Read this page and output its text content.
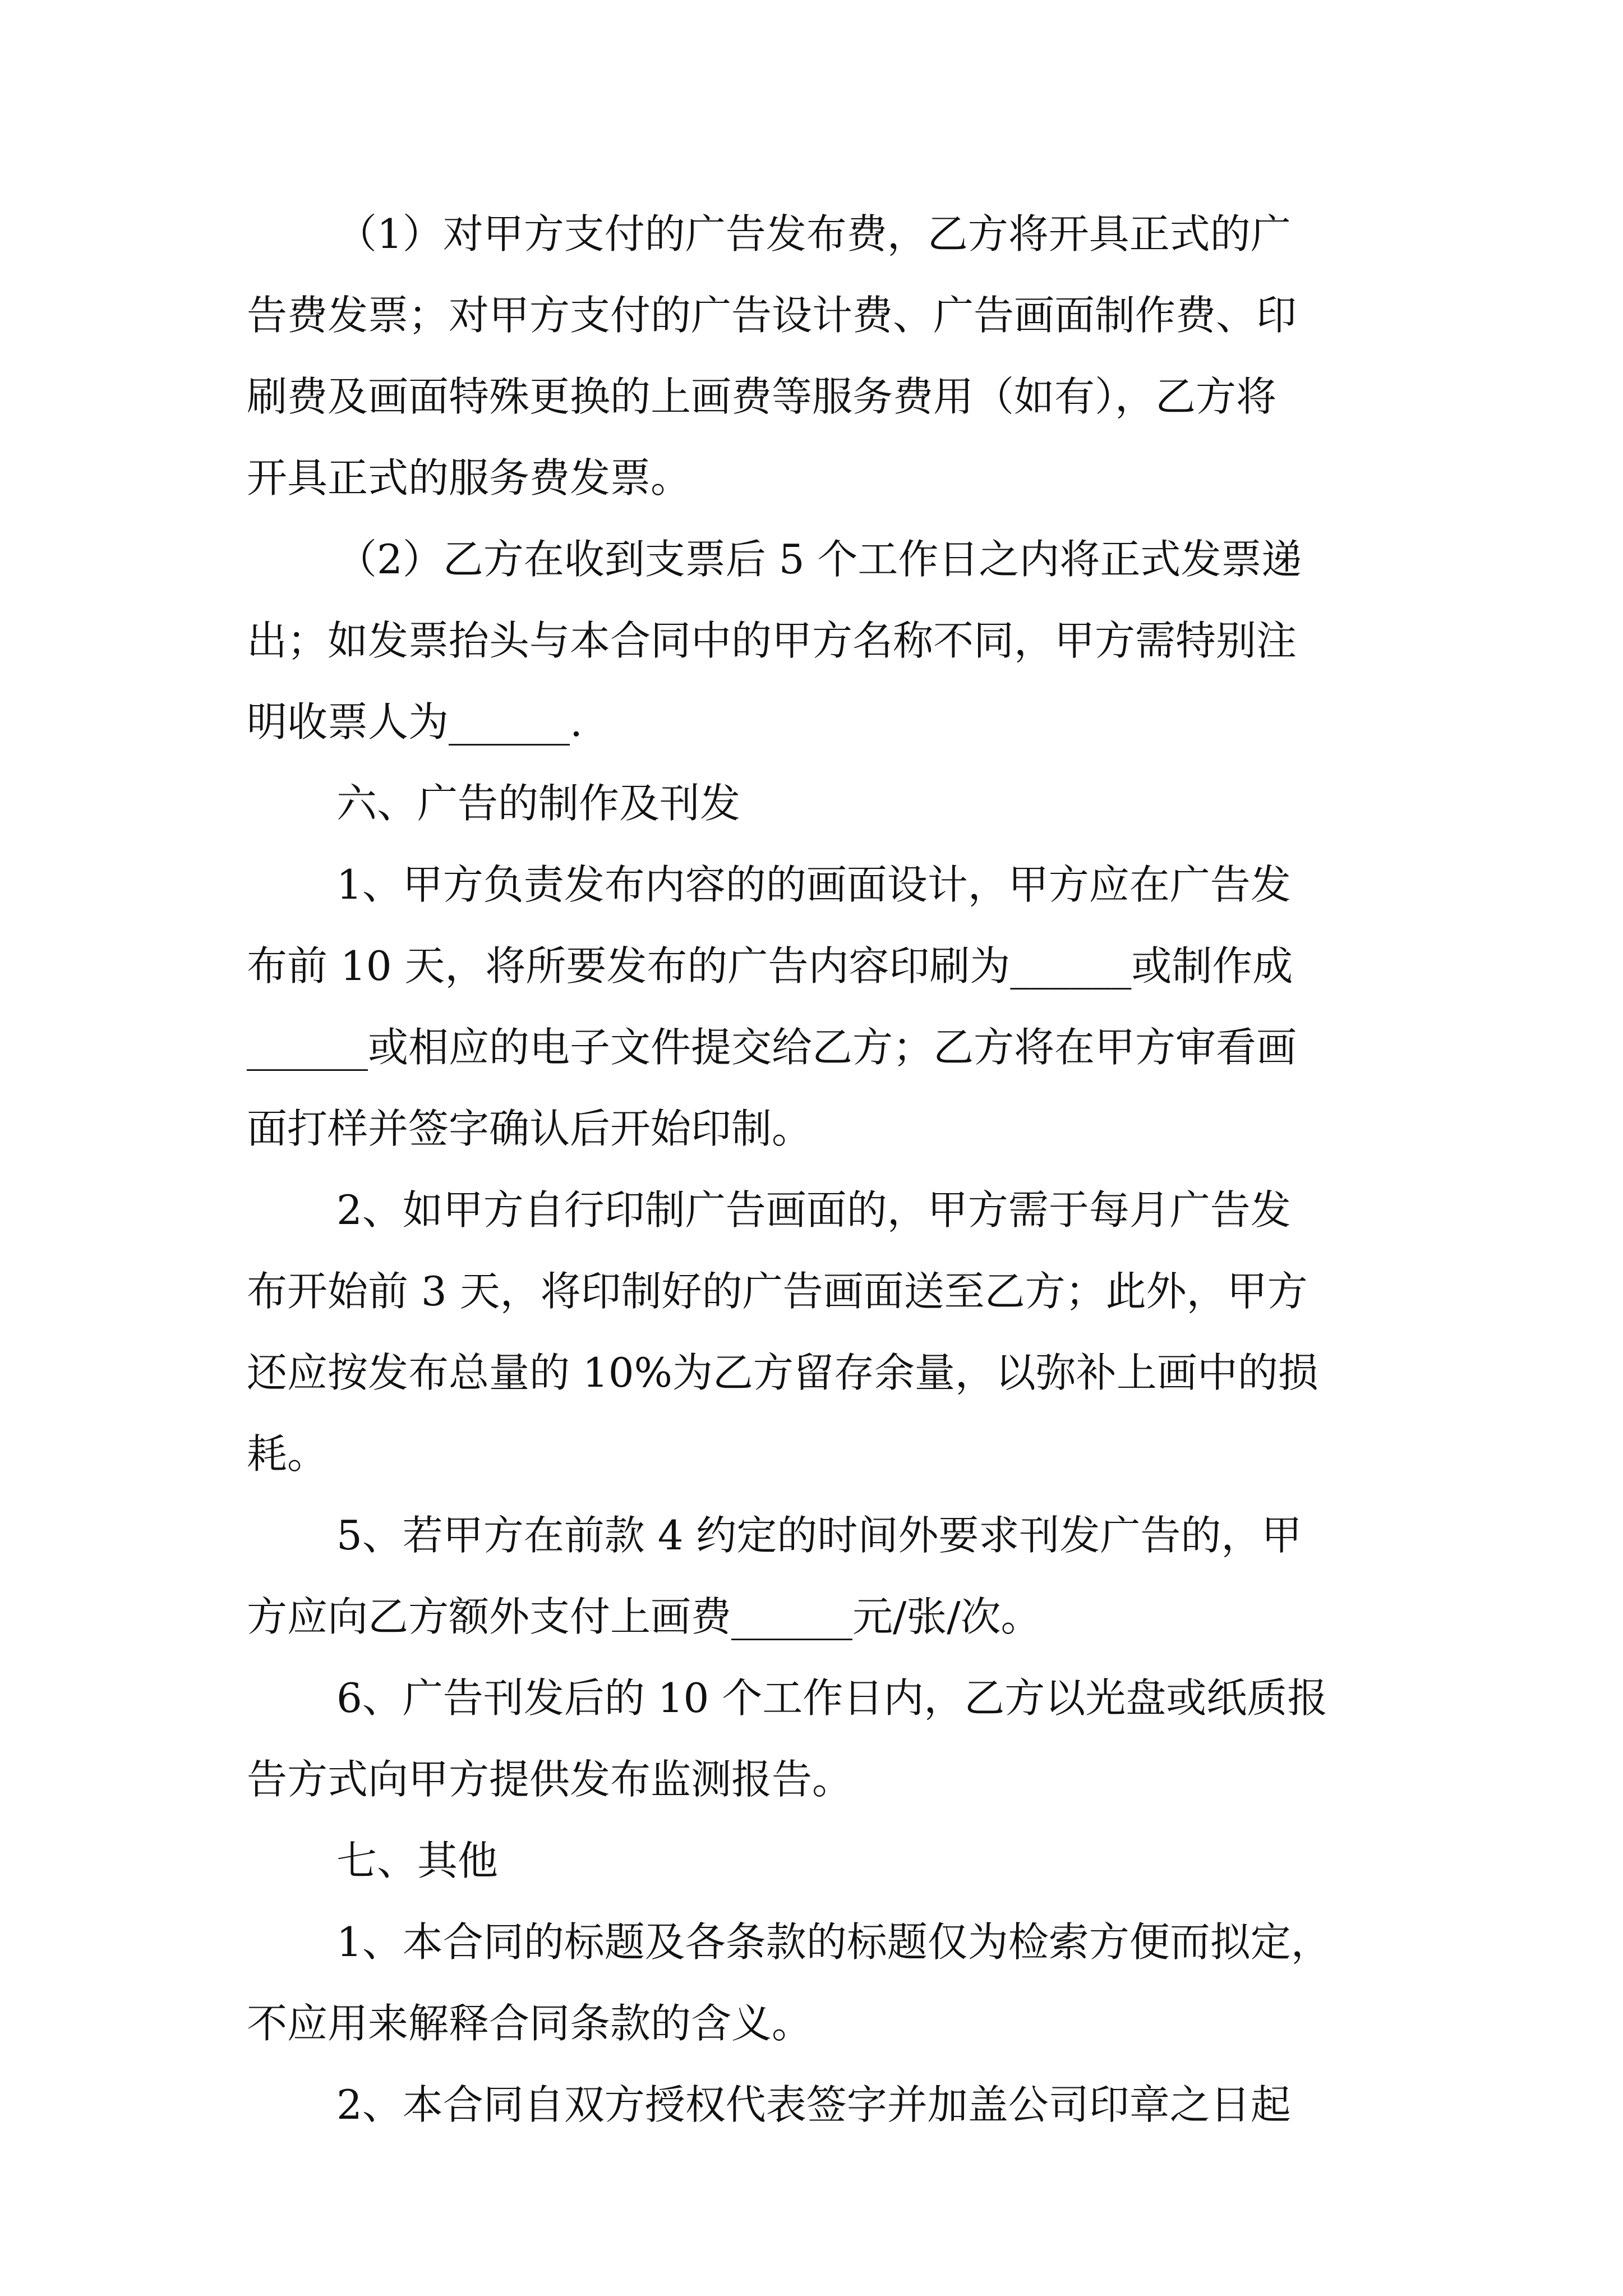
（1）对甲方支付的广告发布费，乙方将开具正式的广
告费发票；对甲方支付的广告设计费、广告画面制作费、印
刷费及画面特殊更换的上画费等服务费用（如有），乙方将
开具正式的服务费发票。
（2）乙方在收到支票后 5 个工作日之内将正式发票递
出；如发票抬头与本合同中的甲方名称不同，甲方需特别注
明收票人为______.
六、广告的制作及刊发
1、甲方负责发布内容的的画面设计，甲方应在广告发
布前 10 天，将所要发布的广告内容印刷为______或制作成
______或相应的电子文件提交给乙方；乙方将在甲方审看画
面打样并签字确认后开始印制。
2、如甲方自行印制广告画面的，甲方需于每月广告发
布开始前 3 天，将印制好的广告画面送至乙方；此外，甲方
还应按发布总量的 10%为乙方留存余量，以弥补上画中的损
耗。
5、若甲方在前款 4 约定的时间外要求刊发广告的，甲
方应向乙方额外支付上画费______元/张/次。
6、广告刊发后的 10 个工作日内，乙方以光盘或纸质报
告方式向甲方提供发布监测报告。
七、其他
1、本合同的标题及各条款的标题仅为检索方便而拟定，
不应用来解释合同条款的含义。
2、本合同自双方授权代表签字并加盖公司印章之日起
